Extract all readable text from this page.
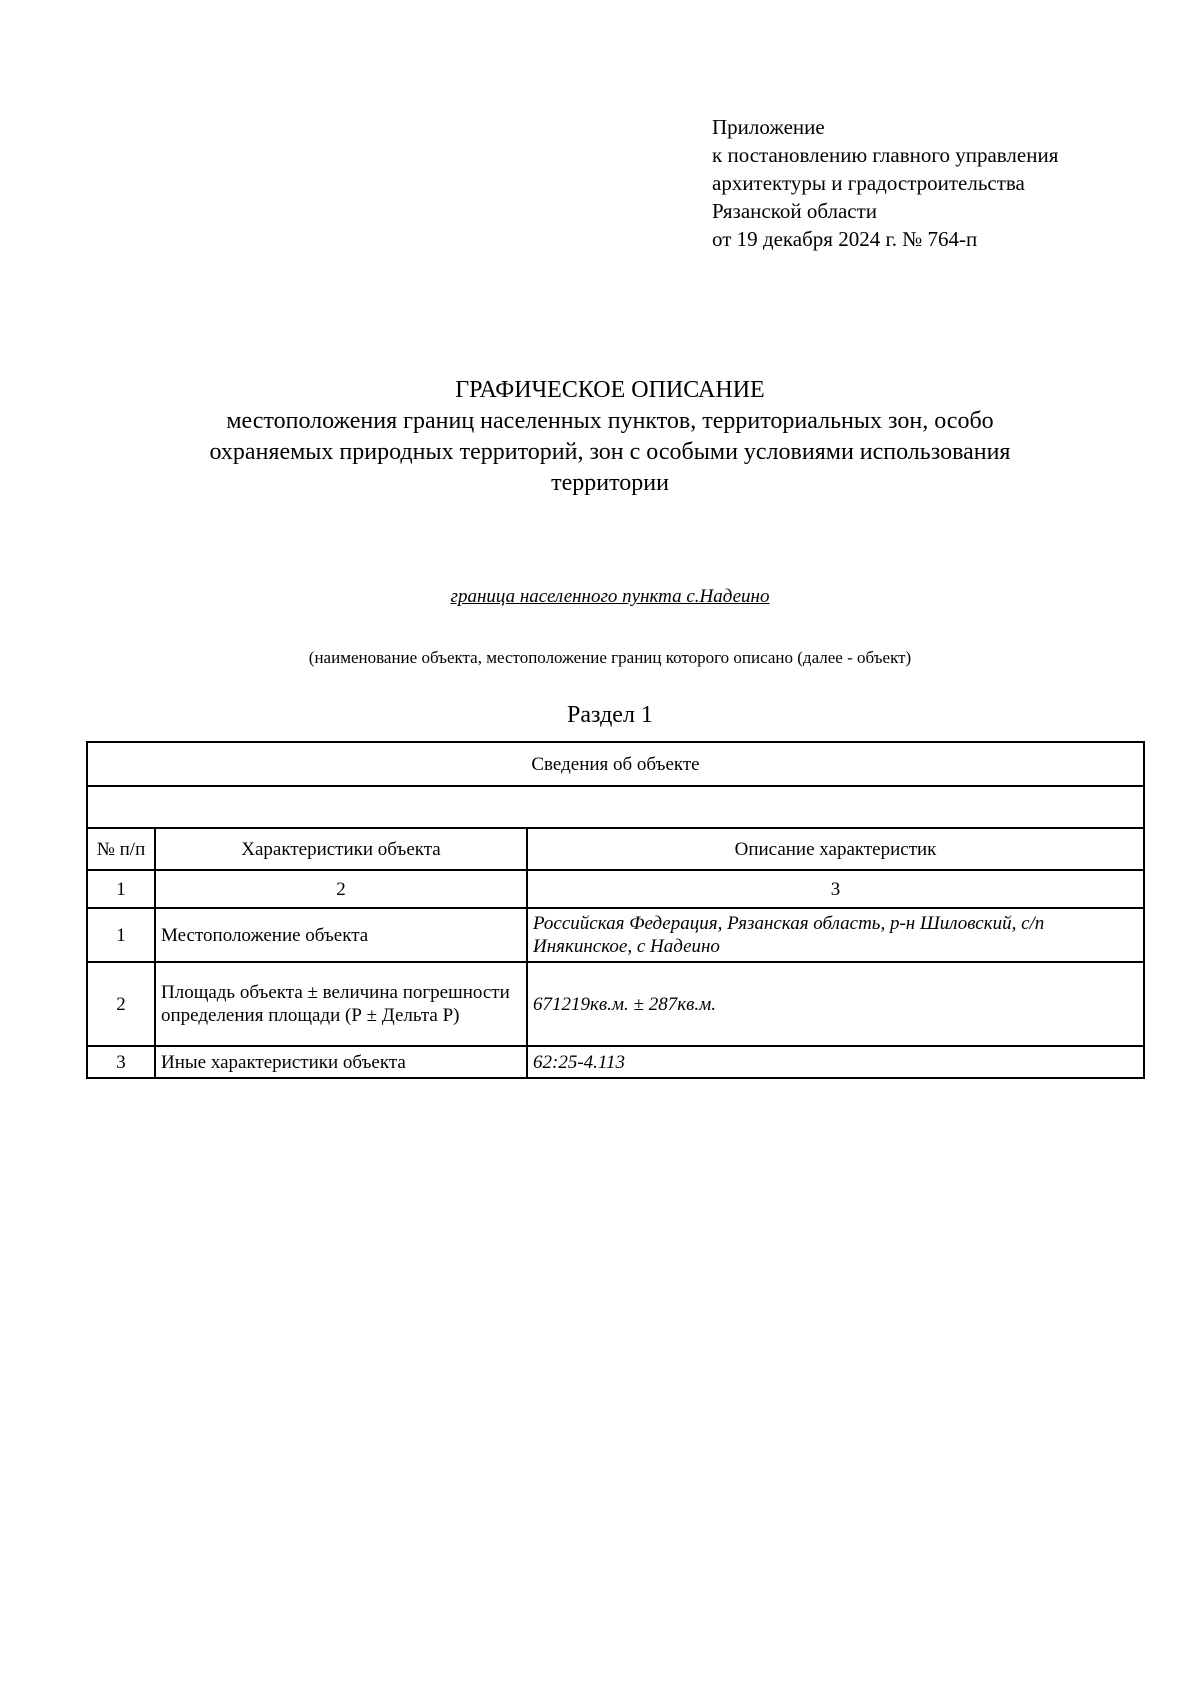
Приложение
к постановлению главного управления
архитектуры и градостроительства
Рязанской области
от 19 декабря 2024 г. № 764-п
ГРАФИЧЕСКОЕ ОПИСАНИЕ
местоположения границ населенных пунктов, территориальных зон, особо
охраняемых природных территорий, зон с особыми условиями использования
территории
граница населенного пункта с.Надеино
(наименование объекта, местоположение границ которого описано (далее - объект)
Раздел 1
Сведения об объекте		

№ п/п	Характеристики объекта	Описание характеристик
1	2	3
1	Местоположение объекта	Российская Федерация, Рязанская область, р-н Шиловский, с/п Инякинское, с Надеино
2	Площадь объекта ± величина погрешности определения площади (Р ± Дельта Р)	671219кв.м. ± 287кв.м.
3	Иные характеристики объекта	62:25-4.113
